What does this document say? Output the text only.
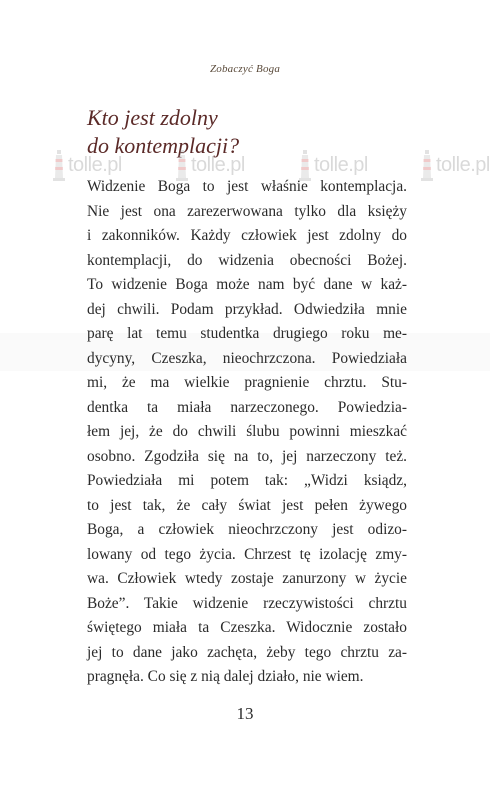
Zobaczyć Boga
Kto jest zdolny
do kontemplacji?
tolle.pl	tolle.pl	tolle.pl	tolle.pl
Widzenie Boga to jest właśnie kontemplacja.
Nie jest ona zarezerwowana tylko dla księży
i zakonników. Każdy człowiek jest zdolny do
kontemplacji, do widzenia obecności Bożej.
To widzenie Boga może nam być dane w każ-
dej chwili. Podam przykład. Odwiedziła mnie
parę lat temu studentka drugiego roku me-
dycyny, Czeszka, nieochrzczona. Powiedziała
mi, że ma wielkie pragnienie chrztu. Stu-
dentka ta miała narzeczonego. Powiedzia-
łem jej, że do chwili ślubu powinni mieszkać
osobno. Zgodziła się na to, jej narzeczony też.
Powiedziała mi potem tak: „Widzi ksiądz,
to jest tak, że cały świat jest pełen żywego
Boga, a człowiek nieochrzczony jest odizo-
lowany od tego życia. Chrzest tę izolację zmy-
wa. Człowiek wtedy zostaje zanurzony w życie
Boże”. Takie widzenie rzeczywistości chrztu
świętego miała ta Czeszka. Widocznie zostało
jej to dane jako zachęta, żeby tego chrztu za-
pragnęła. Co się z nią dalej działo, nie wiem.
13
